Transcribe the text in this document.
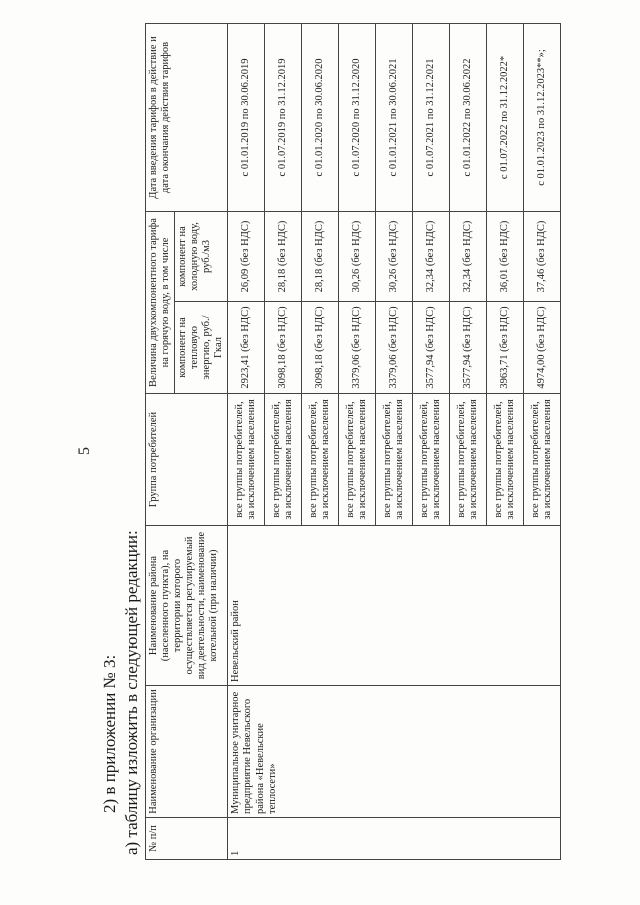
5
2) в приложении № 3: а) таблицу изложить в следующей редакции: № п/п	Наименование организации	Наименование района (населенного пункта), на территории которого осуществляется регулируемый вид деятельности, наименование котельной (при наличии)	Группа потребителей	Величина двухкомпонентного тарифа на горячую воду, в том числе		Дата введения тарифов в действие и дата окончания действия тарифов
				компонент на тепловую энергию, руб./Гкал	компонент на холодную воду, руб./м3	
1	Муниципальное унитарное предприятие Невельского района «Невельские теплосети»	Невельский район	все группы потребителей, за исключением населения	2923,41 (без НДС)	26,09 (без НДС)	с 01.01.2019 по 30.06.2019
			все группы потребителей, за исключением населения	3098,18 (без НДС)	28,18 (без НДС)	с 01.07.2019 по 31.12.2019
			все группы потребителей, за исключением населения	3098,18 (без НДС)	28,18 (без НДС)	с 01.01.2020 по 30.06.2020
			все группы потребителей, за исключением населения	3379,06 (без НДС)	30,26 (без НДС)	с 01.07.2020 по 31.12.2020
			все группы потребителей, за исключением населения	3379,06 (без НДС)	30,26 (без НДС)	с 01.01.2021 по 30.06.2021
			все группы потребителей, за исключением населения	3577,94 (без НДС)	32,34 (без НДС)	с 01.07.2021 по 31.12.2021
			все группы потребителей, за исключением населения	3577,94 (без НДС)	32,34 (без НДС)	с 01.01.2022 по 30.06.2022
			все группы потребителей, за исключением населения	3963,71 (без НДС)	36,01 (без НДС)	с 01.07.2022 по 31.12.2022*
			все группы потребителей, за исключением населения	4974,00 (без НДС)	37,46 (без НДС)	с 01.01.2023 по 31.12.2023**»;
